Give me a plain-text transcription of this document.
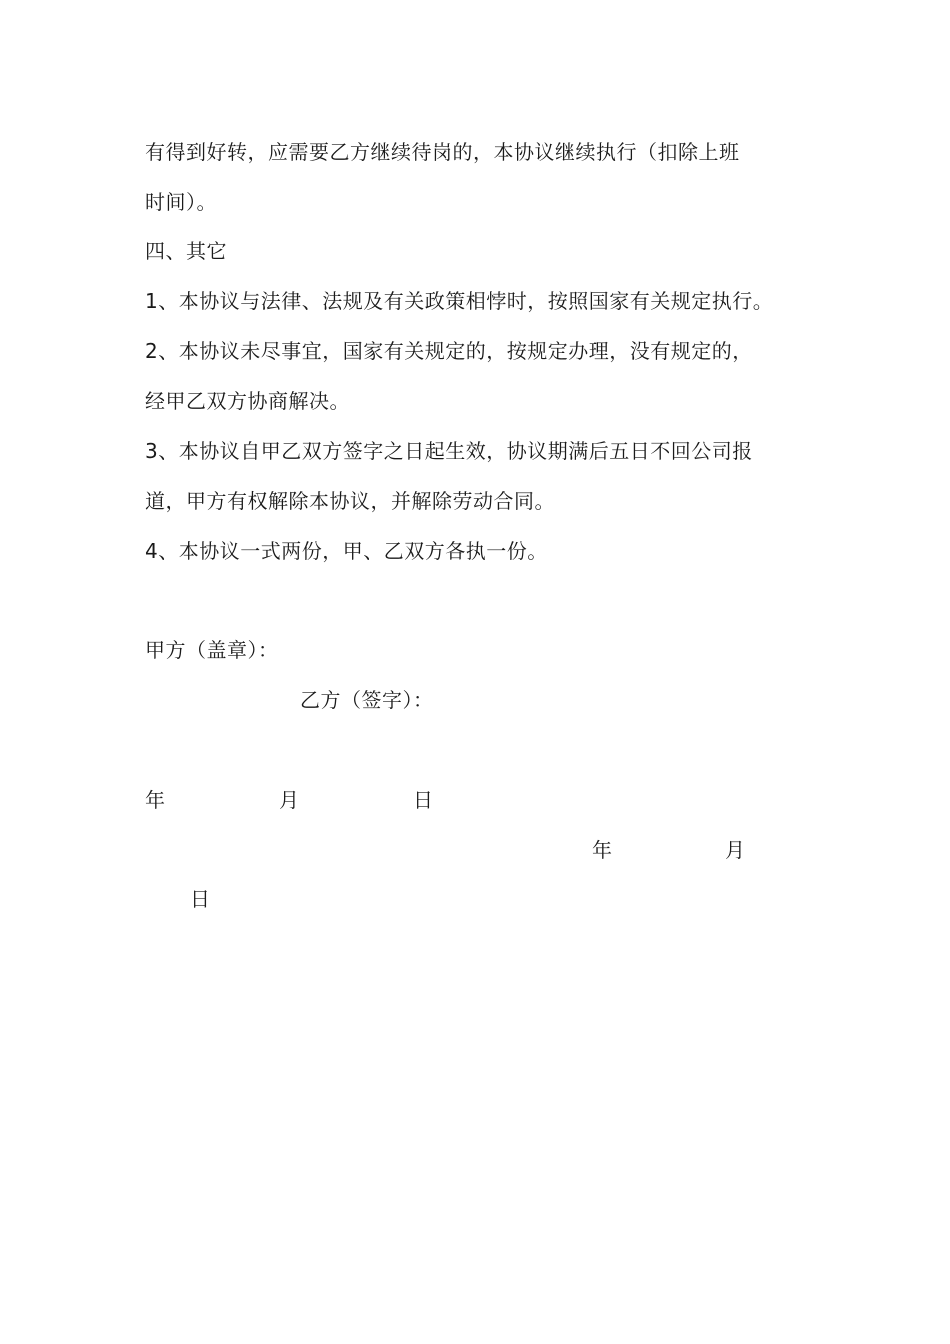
有得到好转，应需要乙方继续待岗的，本协议继续执行（扣除上班
时间）。
四、其它
1、本协议与法律、法规及有关政策相悖时，按照国家有关规定执行。
2、本协议未尽事宜，国家有关规定的，按规定办理，没有规定的，
经甲乙双方协商解决。
3、本协议自甲乙双方签字之日起生效，协议期满后五日不回公司报
道，甲方有权解除本协议，并解除劳动合同。
4、本协议一式两份，甲、乙双方各执一份。
甲方（盖章）：
乙方（签字）：
年	月	日
年	月
日
